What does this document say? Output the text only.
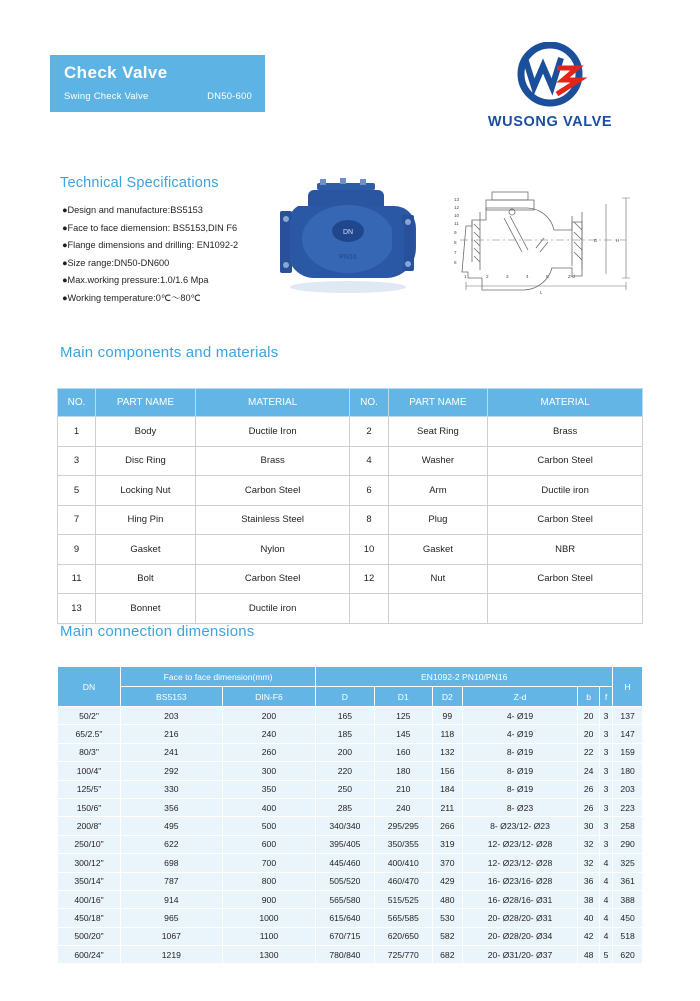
Check Valve
Swing Check Valve	DN50-600
WUSONG VALVE
Technical Specifications
●Design and manufacture:BS5153
●Face to face diemension: BS5153,DIN F6
●Flange dimensions and drilling: EN1092-2
●Size range:DN50-DN600
●Max.working pressure:1.0/1.6 Mpa
●Working temperature:0℃～80℃
DN
PN16
13
12
10
11
9
8
7
6
1	2	3	4	5
L
H
D
Z-d
Main components and materials
NO.	PART NAME	MATERIAL	NO.	PART NAME	MATERIAL
1	Body	Ductile Iron	2	Seat Ring	Brass
3	Disc Ring	Brass	4	Washer	Carbon Steel
5	Locking Nut	Carbon Steel	6	Arm	Ductile iron
7	Hing Pin	Stainless Steel	8	Plug	Carbon Steel
9	Gasket	Nylon	10	Gasket	NBR
11	Bolt	Carbon Steel	12	Nut	Carbon Steel
13	Bonnet	Ductile iron			
Main connection dimensions
DN	Face to face dimension(mm)		EN1092-2 PN10/PN16						H
	BS5153	DIN-F6	D	D1	D2	Z-d	b	f	
50/2"	203	200	165	125	99	4- Ø19	20	3	137
65/2.5"	216	240	185	145	118	4- Ø19	20	3	147
80/3"	241	260	200	160	132	8- Ø19	22	3	159
100/4"	292	300	220	180	156	8- Ø19	24	3	180
125/5"	330	350	250	210	184	8- Ø19	26	3	203
150/6"	356	400	285	240	211	8- Ø23	26	3	223
200/8"	495	500	340/340	295/295	266	8- Ø23/12- Ø23	30	3	258
250/10"	622	600	395/405	350/355	319	12- Ø23/12- Ø28	32	3	290
300/12"	698	700	445/460	400/410	370	12- Ø23/12- Ø28	32	4	325
350/14"	787	800	505/520	460/470	429	16- Ø23/16- Ø28	36	4	361
400/16"	914	900	565/580	515/525	480	16- Ø28/16- Ø31	38	4	388
450/18"	965	1000	615/640	565/585	530	20- Ø28/20- Ø31	40	4	450
500/20"	1067	1100	670/715	620/650	582	20- Ø28/20- Ø34	42	4	518
600/24"	1219	1300	780/840	725/770	682	20- Ø31/20- Ø37	48	5	620
